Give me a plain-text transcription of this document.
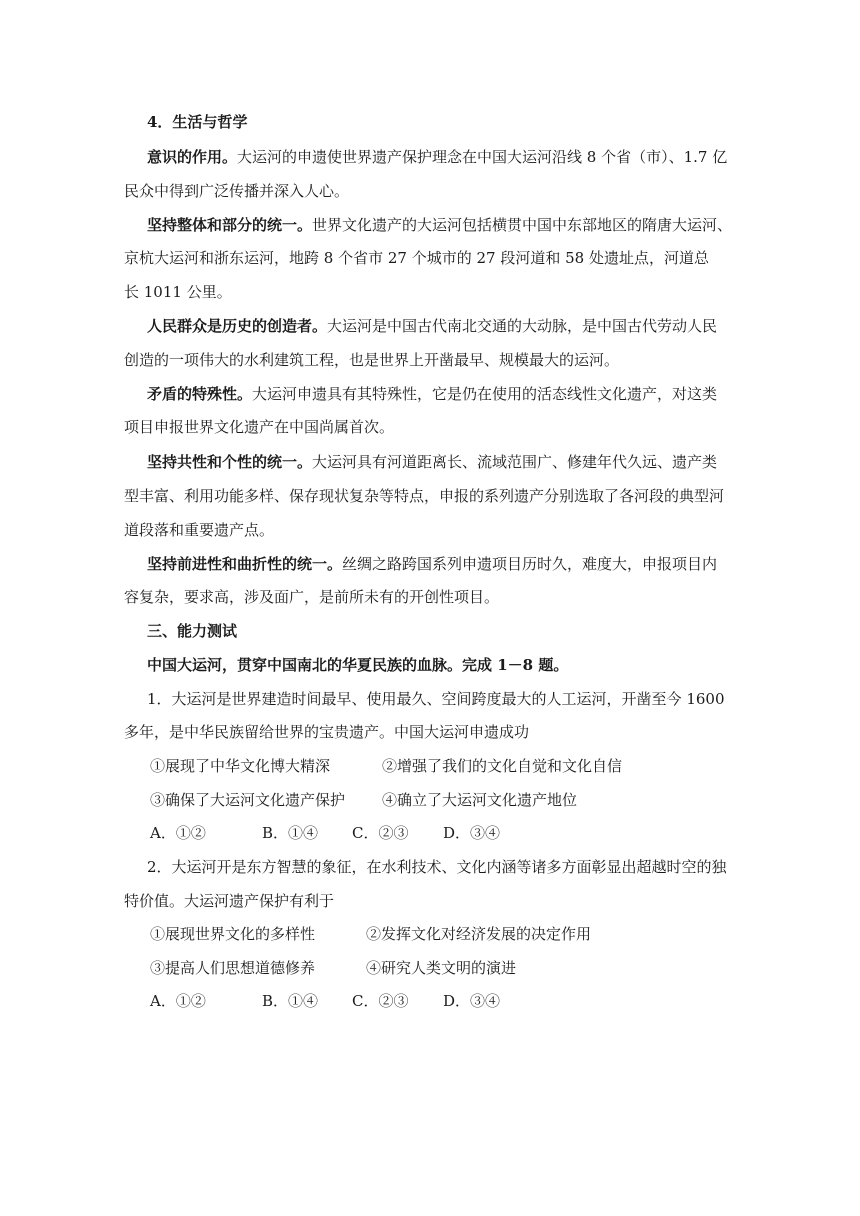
4．生活与哲学
意识的作用。大运河的申遗使世界遗产保护理念在中国大运河沿线 8 个省（市）、1.7 亿
民众中得到广泛传播并深入人心。
坚持整体和部分的统一。世界文化遗产的大运河包括横贯中国中东部地区的隋唐大运河、
京杭大运河和浙东运河，地跨 8 个省市 27 个城市的 27 段河道和 58 处遗址点，河道总
长 1011 公里。
人民群众是历史的创造者。大运河是中国古代南北交通的大动脉，是中国古代劳动人民
创造的一项伟大的水利建筑工程，也是世界上开凿最早、规模最大的运河。
矛盾的特殊性。大运河申遗具有其特殊性，它是仍在使用的活态线性文化遗产，对这类
项目申报世界文化遗产在中国尚属首次。
坚持共性和个性的统一。大运河具有河道距离长、流域范围广、修建年代久远、遗产类
型丰富、利用功能多样、保存现状复杂等特点，申报的系列遗产分别选取了各河段的典型河
道段落和重要遗产点。
坚持前进性和曲折性的统一。丝绸之路跨国系列申遗项目历时久，难度大，申报项目内
容复杂，要求高，涉及面广，是前所未有的开创性项目。
三、能力测试
中国大运河，贯穿中国南北的华夏民族的血脉。完成 1－8 题。
1．大运河是世界建造时间最早、使用最久、空间跨度最大的人工运河，开凿至今 1600
多年，是中华民族留给世界的宝贵遗产。中国大运河申遗成功
①展现了中华文化博大精深	②增强了我们的文化自觉和文化自信
③确保了大运河文化遗产保护 ④确立了大运河文化遗产地位
A．①②	B．①④ C．②③ D．③④
2．大运河开是东方智慧的象征，在水利技术、文化内涵等诸多方面彰显出超越时空的独
特价值。大运河遗产保护有利于
①展现世界文化的多样性	②发挥文化对经济发展的决定作用
③提高人们思想道德修养	④研究人类文明的演进
A．①②	B．①④ C．②③ D．③④
